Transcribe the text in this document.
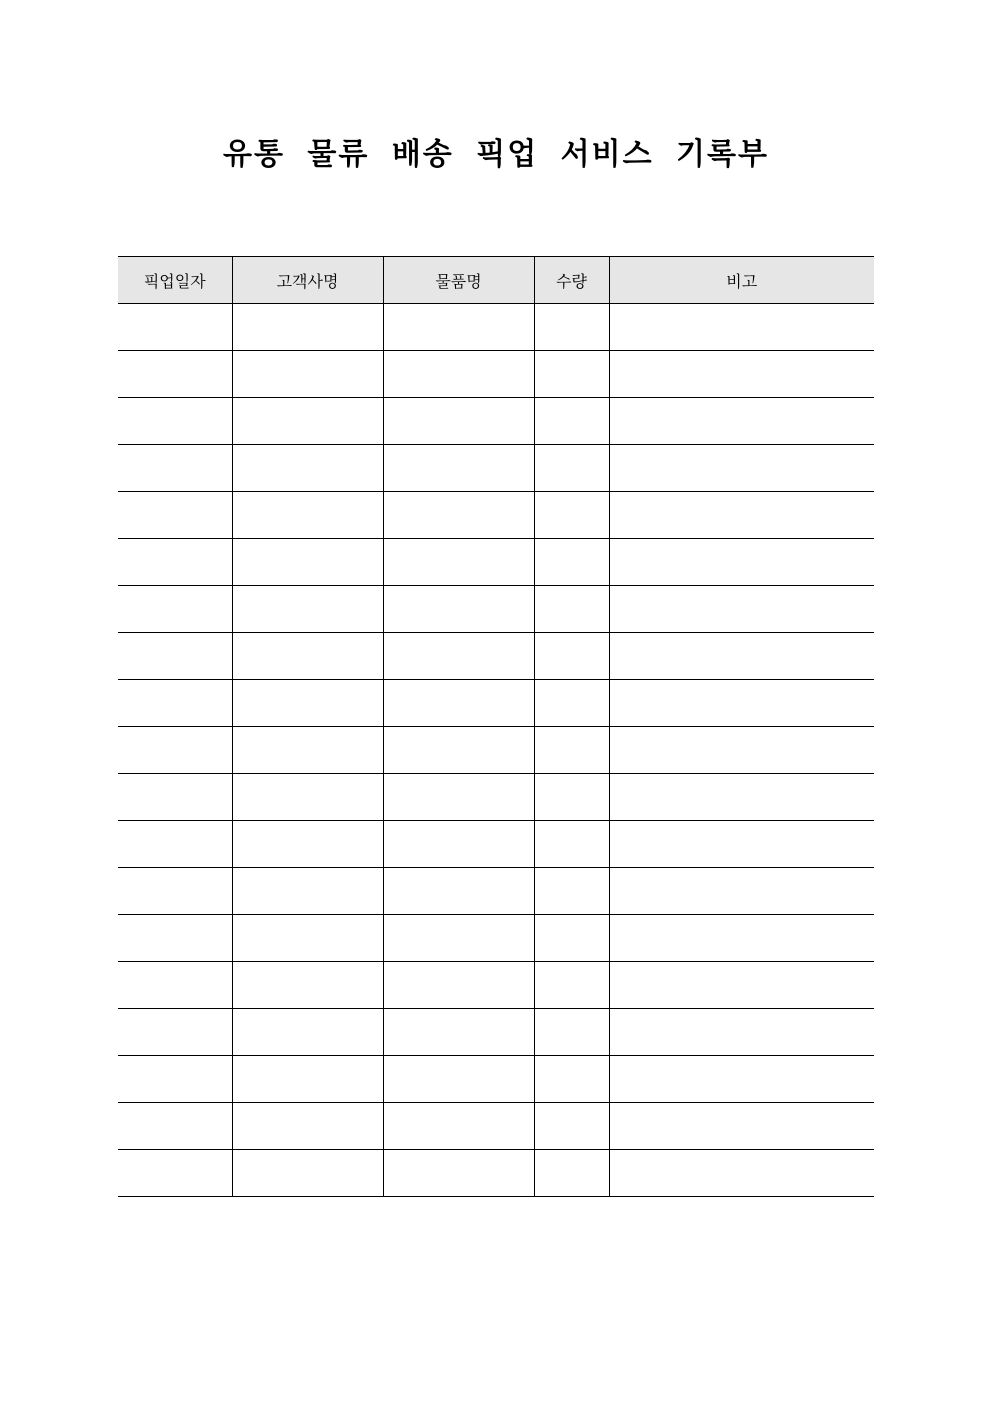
유통 물류 배송 픽업 서비스 기록부
픽업일자	고객사명	물품명	수량	비고
